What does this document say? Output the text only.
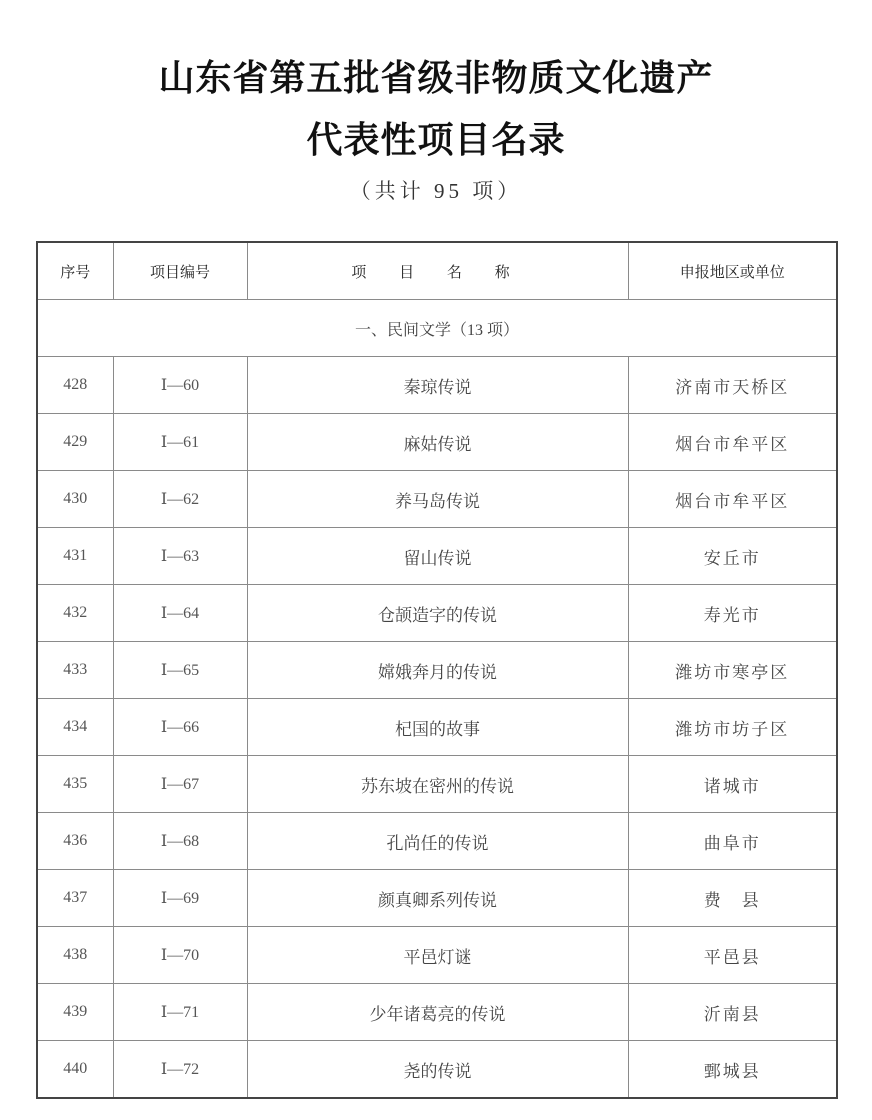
山东省第五批省级非物质文化遗产
代表性项目名录
（共计 95 项）
序号	项目编号	项 目 名 称	申报地区或单位
一、民间文学（13 项）			
428	Ⅰ—60	秦琼传说	济南市天桥区
429	Ⅰ—61	麻姑传说	烟台市牟平区
430	Ⅰ—62	养马岛传说	烟台市牟平区
431	Ⅰ—63	留山传说	安丘市
432	Ⅰ—64	仓颉造字的传说	寿光市
433	Ⅰ—65	嫦娥奔月的传说	潍坊市寒亭区
434	Ⅰ—66	杞国的故事	潍坊市坊子区
435	Ⅰ—67	苏东坡在密州的传说	诸城市
436	Ⅰ—68	孔尚任的传说	曲阜市
437	Ⅰ—69	颜真卿系列传说	费　县
438	Ⅰ—70	平邑灯谜	平邑县
439	Ⅰ—71	少年诸葛亮的传说	沂南县
440	Ⅰ—72	尧的传说	鄄城县
